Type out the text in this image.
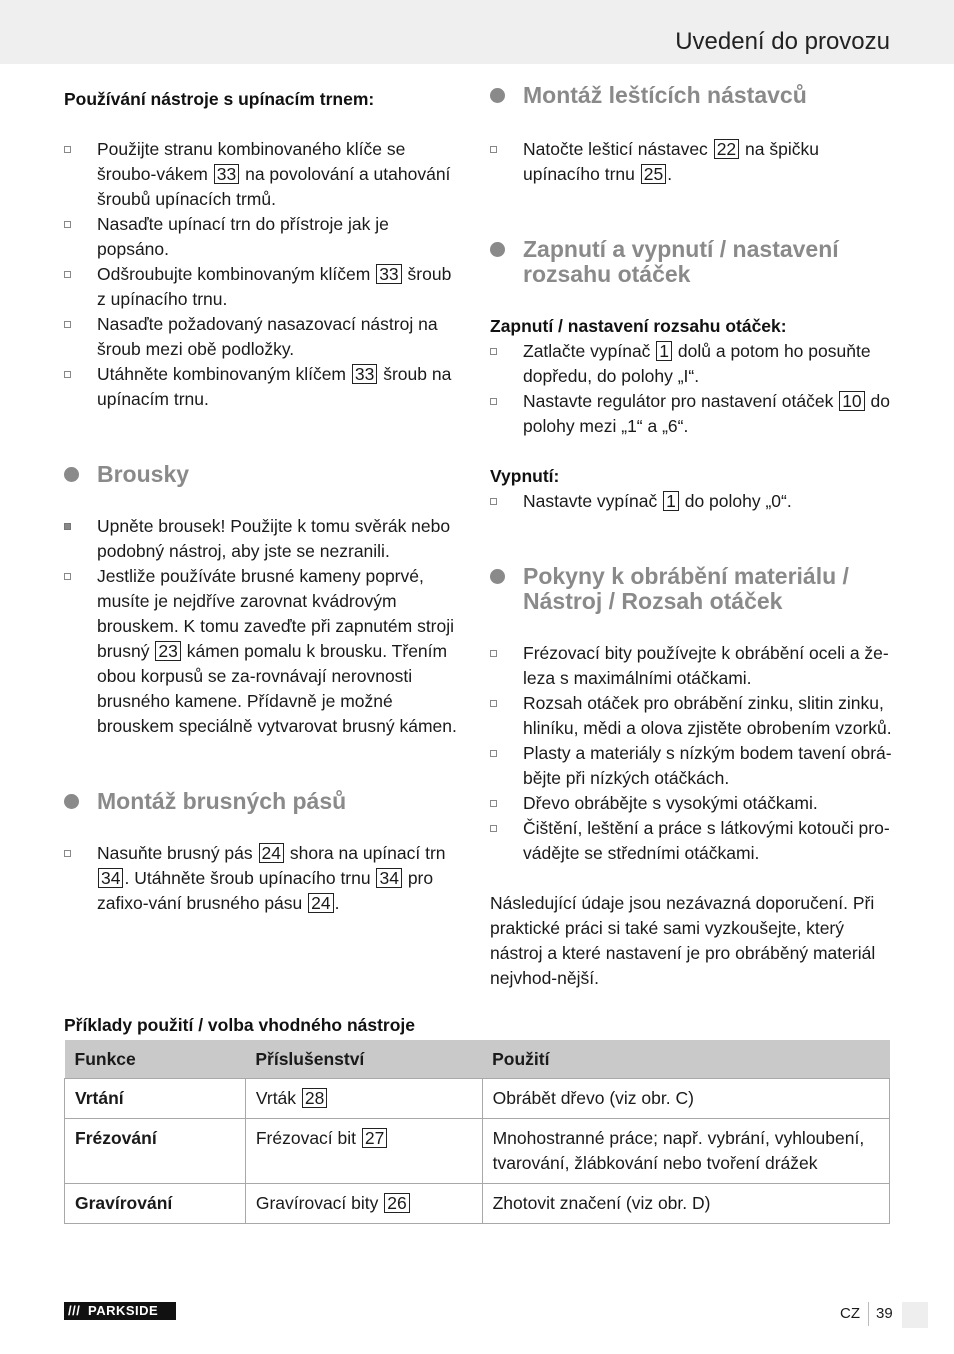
Uvedení do provozu
Používání nástroje s upínacím trnem:
Použijte stranu kombinovaného klíče se šroubo-vákem 33 na povolování a utahování šroubů upínacích trmů.
Nasaďte upínací trn do přístroje jak je popsáno.
Odšroubujte kombinovaným klíčem 33 šroub z upínacího trnu.
Nasaďte požadovaný nasazovací nástroj na šroub mezi obě podložky.
Utáhněte kombinovaným klíčem 33 šroub na upínacím trnu.
Brousky
Upněte brousek! Použijte k tomu svěrák nebo podobný nástroj, aby jste se nezranili.
Jestliže používáte brusné kameny poprvé, musíte je nejdříve zarovnat kvádrovým brouskem. K tomu zaveďte při zapnutém stroji brusný 23 kámen pomalu k brousku. Třením obou korpusů se za-rovnávají nerovnosti brusného kamene. Přídavně je možné brouskem speciálně vytvarovat brusný kámen.
Montáž brusných pásů
Nasuňte brusný pás 24 shora na upínací trn 34 . Utáhněte šroub upínacího trnu 34 pro zafixo-vání brusného pásu 24 .
Montáž leštících nástavců
Natočte lešticí nástavec 22 na špičku upínacího trnu 25 .
Zapnutí a vypnutí / nastavení rozsahu otáček
Zapnutí / nastavení rozsahu otáček:
Zatlačte vypínač 1 dolů a potom ho posuňte dopředu, do polohy „I“.
Nastavte regulátor pro nastavení otáček 10 do polohy mezi „1“ a „6“.
Vypnutí:
Nastavte vypínač 1 do polohy „0“.
Pokyny k obrábění materiálu / Nástroj / Rozsah otáček
Frézovací bity používejte k obrábění oceli a že-leza s maximálními otáčkami.
Rozsah otáček pro obrábění zinku, slitin zinku, hliníku, mědi a olova zjistěte obrobením vzorků.
Plasty a materiály s nízkým bodem tavení obrá-bějte při nízkých otáčkách.
Dřevo obrábějte s vysokými otáčkami.
Čištění, leštění a práce s látkovými kotouči pro-vádějte se středními otáčkami.
Následující údaje jsou nezávazná doporučení. Při praktické práci si také sami vyzkoušejte, který nástroj a které nastavení je pro obráběný materiál nejvhod-nější.
Příklady použití / volba vhodného nástroje
Funkce	Příslušenství	Použití
Vrtání	Vrták 28	Obrábět dřevo (viz obr. C)
Frézování	Frézovací bit 27	Mnohostranné práce; např. vybrání, vyhloubení, tvarování, žlábkování nebo tvoření drážek
Gravírování	Gravírovací bity 26	Zhotovit značení (viz obr. D)
/// PARKSIDE	CZ 39
